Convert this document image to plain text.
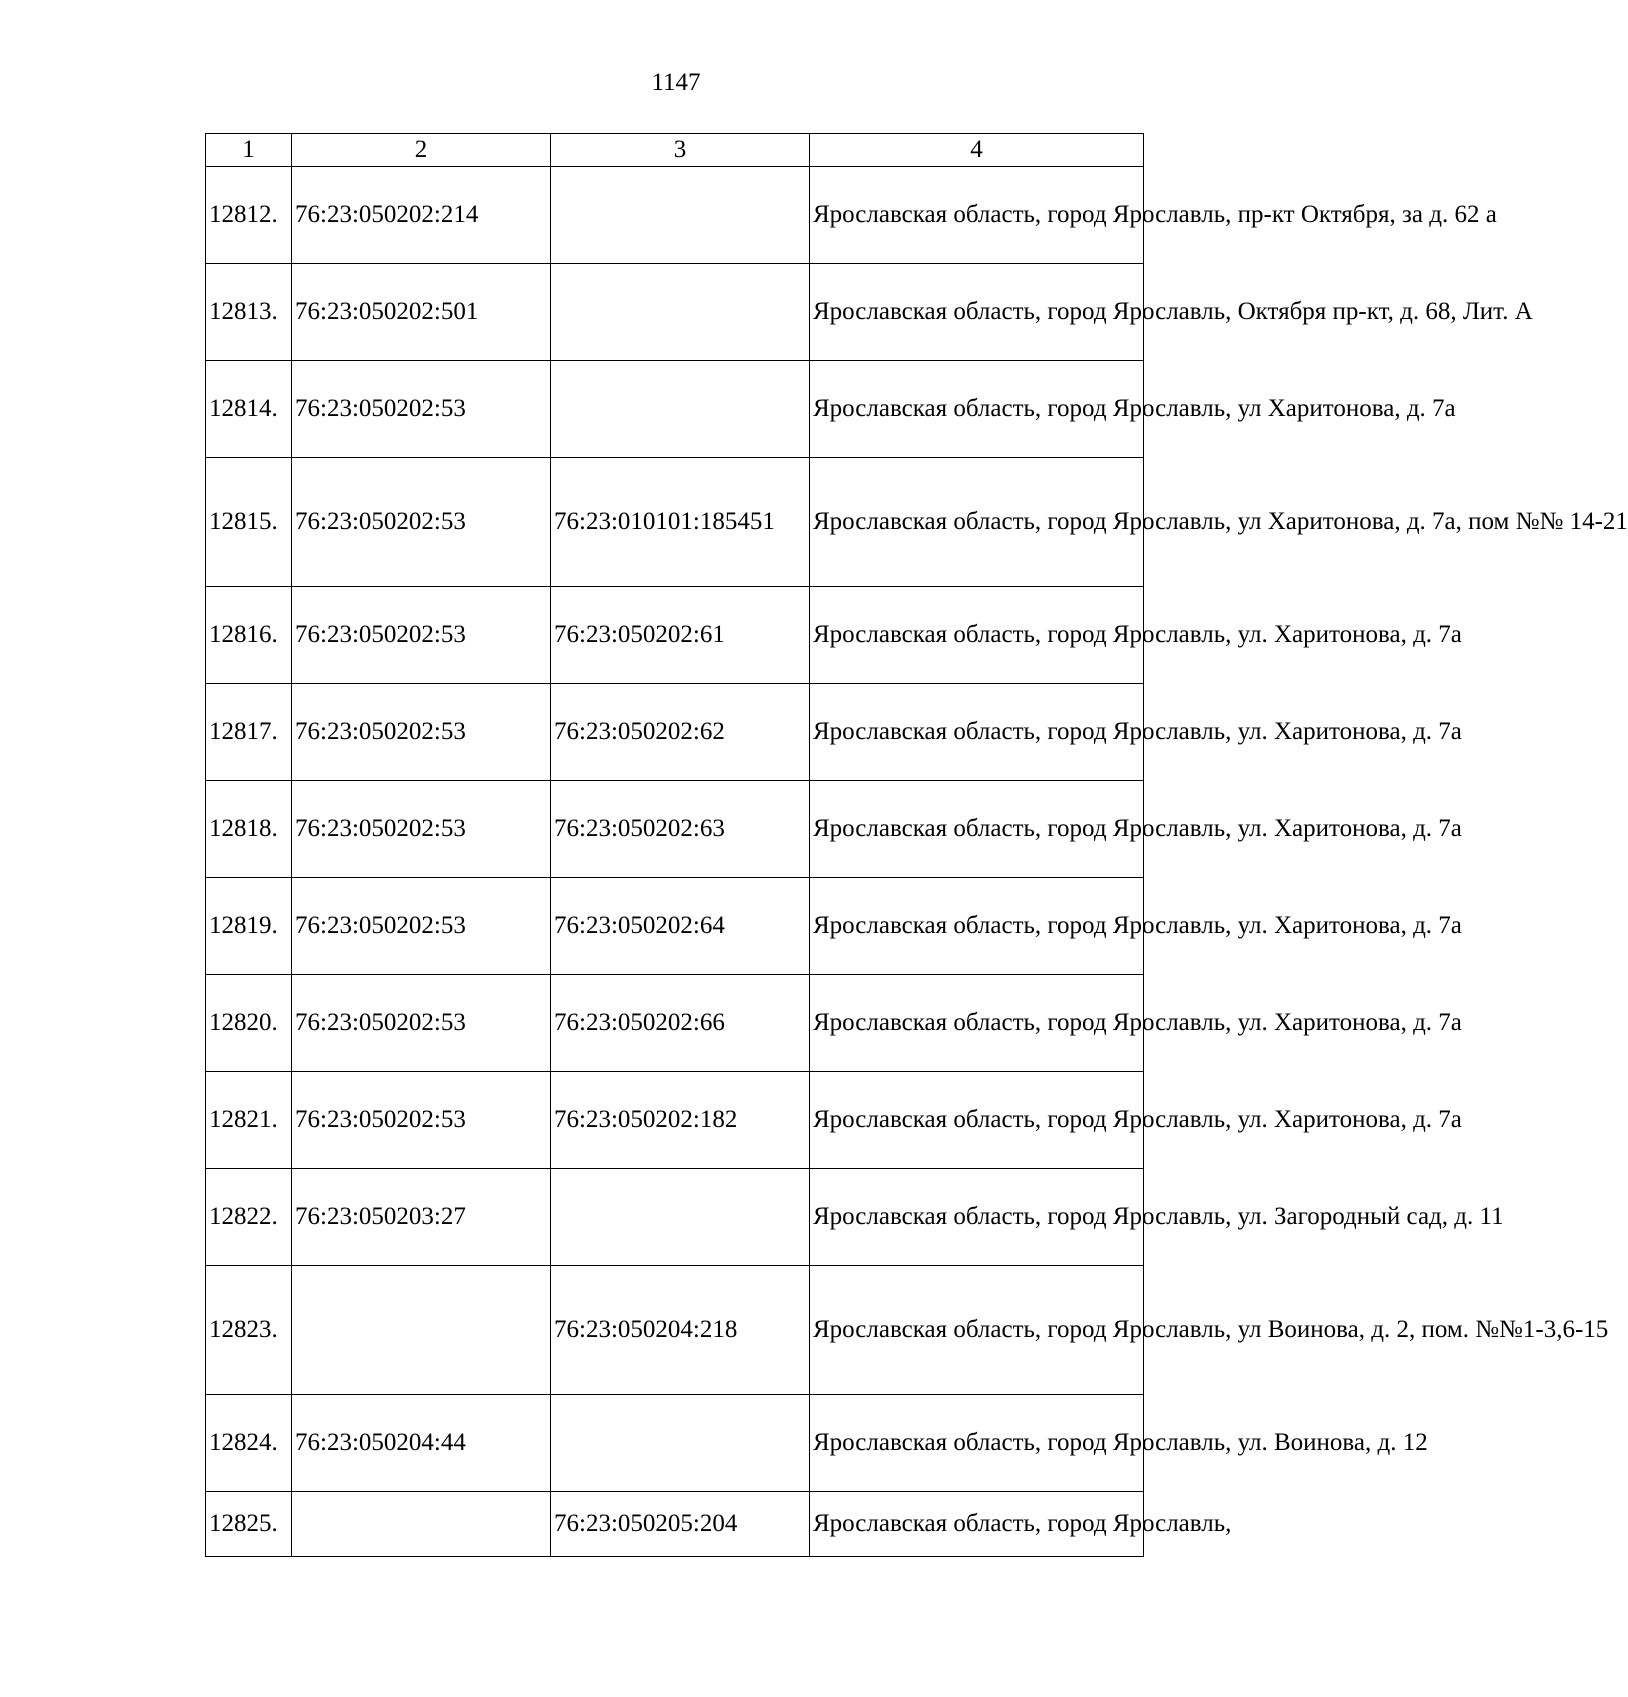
1147
1	2	3	4
12812.	76:23:050202:214		Ярославская область, город Ярославль, пр-кт Октября, за д. 62 а
12813.	76:23:050202:501		Ярославская область, город Ярославль, Октября пр-кт, д. 68, Лит. А
12814.	76:23:050202:53		Ярославская область, город Ярославль, ул Харитонова, д. 7а
12815.	76:23:050202:53	76:23:010101:185451	Ярославская область, город Ярославль, ул Харитонова, д. 7а, пом №№ 14-21
12816.	76:23:050202:53	76:23:050202:61	Ярославская область, город Ярославль, ул. Харитонова, д. 7а
12817.	76:23:050202:53	76:23:050202:62	Ярославская область, город Ярославль, ул. Харитонова, д. 7а
12818.	76:23:050202:53	76:23:050202:63	Ярославская область, город Ярославль, ул. Харитонова, д. 7а
12819.	76:23:050202:53	76:23:050202:64	Ярославская область, город Ярославль, ул. Харитонова, д. 7а
12820.	76:23:050202:53	76:23:050202:66	Ярославская область, город Ярославль, ул. Харитонова, д. 7а
12821.	76:23:050202:53	76:23:050202:182	Ярославская область, город Ярославль, ул. Харитонова, д. 7а
12822.	76:23:050203:27		Ярославская область, город Ярославль, ул. Загородный сад, д. 11
12823.		76:23:050204:218	Ярославская область, город Ярославль, ул Воинова, д. 2, пом. №№1-3,6-15
12824.	76:23:050204:44		Ярославская область, город Ярославль, ул. Воинова, д. 12
12825.		76:23:050205:204	Ярославская область, город Ярославль,
